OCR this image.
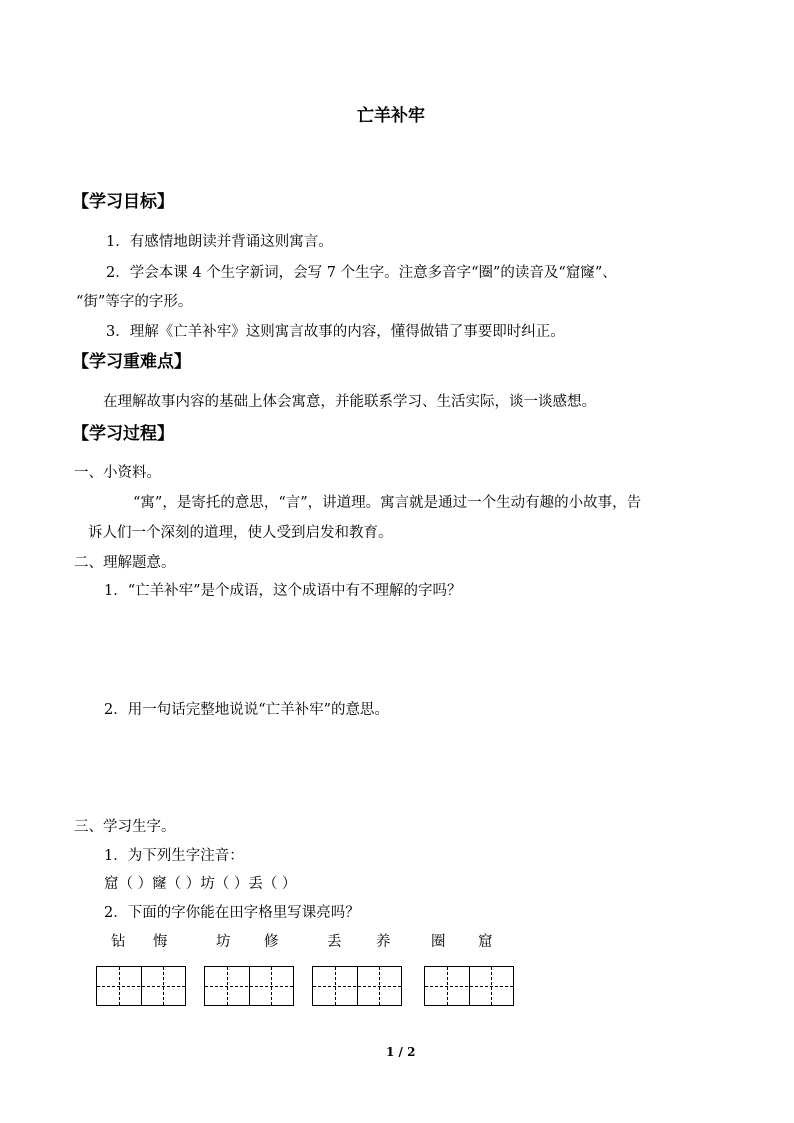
亡羊补牢
【学习目标】
1．有感情地朗读并背诵这则寓言。
2．学会本课 4 个生字新词，会写 7 个生字。注意多音字“圈”的读音及“窟窿”、
“街”等字的字形。
3．理解《亡羊补牢》这则寓言故事的内容，懂得做错了事要即时纠正。
【学习重难点】
在理解故事内容的基础上体会寓意，并能联系学习、生活实际，谈一谈感想。
【学习过程】
一、小资料。
“寓”，是寄托的意思，“言”，讲道理。寓言就是通过一个生动有趣的小故事，告
诉人们一个深刻的道理，使人受到启发和教育。
二、理解题意。
1．“亡羊补牢”是个成语，这个成语中有不理解的字吗？
2．用一句话完整地说说“亡羊补牢”的意思。
三、学习生字。
1．为下列生字注音：
窟（ ）窿（ ）坊（ ）丢（ ）
2．下面的字你能在田字格里写课亮吗？
钻 悔	坊 修	丢 养	圈 窟
1 / 2
